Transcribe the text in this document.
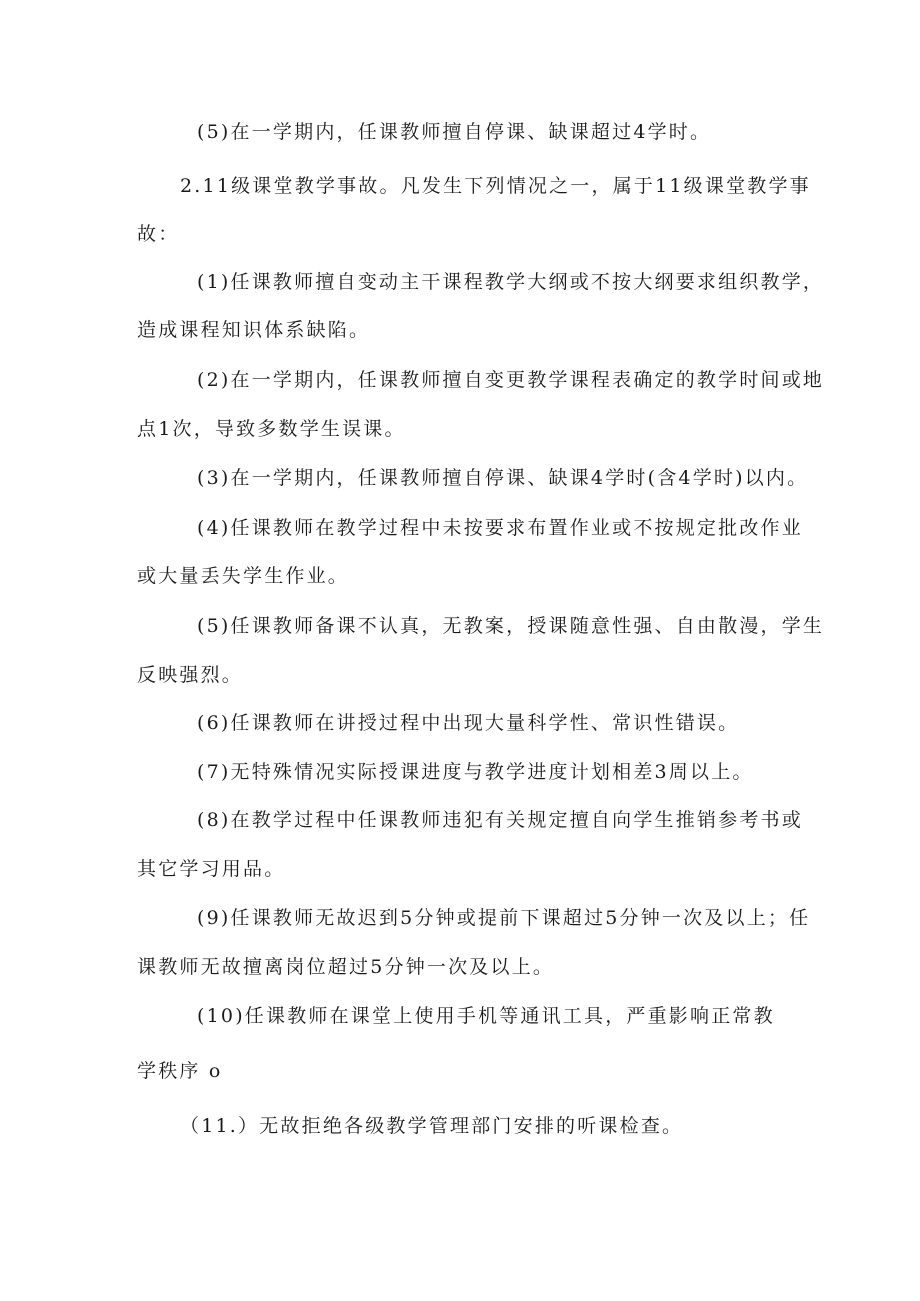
(5)在一学期内，任课教师擅自停课、缺课超过4学时。
2.11级课堂教学事故。凡发生下列情况之一，属于11级课堂教学事
故：
(1)任课教师擅自变动主干课程教学大纲或不按大纲要求组织教学，
造成课程知识体系缺陷。
(2)在一学期内，任课教师擅自变更教学课程表确定的教学时间或地
点1次，导致多数学生误课。
(3)在一学期内，任课教师擅自停课、缺课4学时(含4学时)以内。
(4)任课教师在教学过程中未按要求布置作业或不按规定批改作业
或大量丢失学生作业。
(5)任课教师备课不认真，无教案，授课随意性强、自由散漫，学生
反映强烈。
(6)任课教师在讲授过程中出现大量科学性、常识性错误。
(7)无特殊情况实际授课进度与教学进度计划相差3周以上。
(8)在教学过程中任课教师违犯有关规定擅自向学生推销参考书或
其它学习用品。
(9)任课教师无故迟到5分钟或提前下课超过5分钟一次及以上；任
课教师无故擅离岗位超过5分钟一次及以上。
(10)任课教师在课堂上使用手机等通讯工具，严重影响正常教
学秩序 o
（11.）无故拒绝各级教学管理部门安排的听课检查。
